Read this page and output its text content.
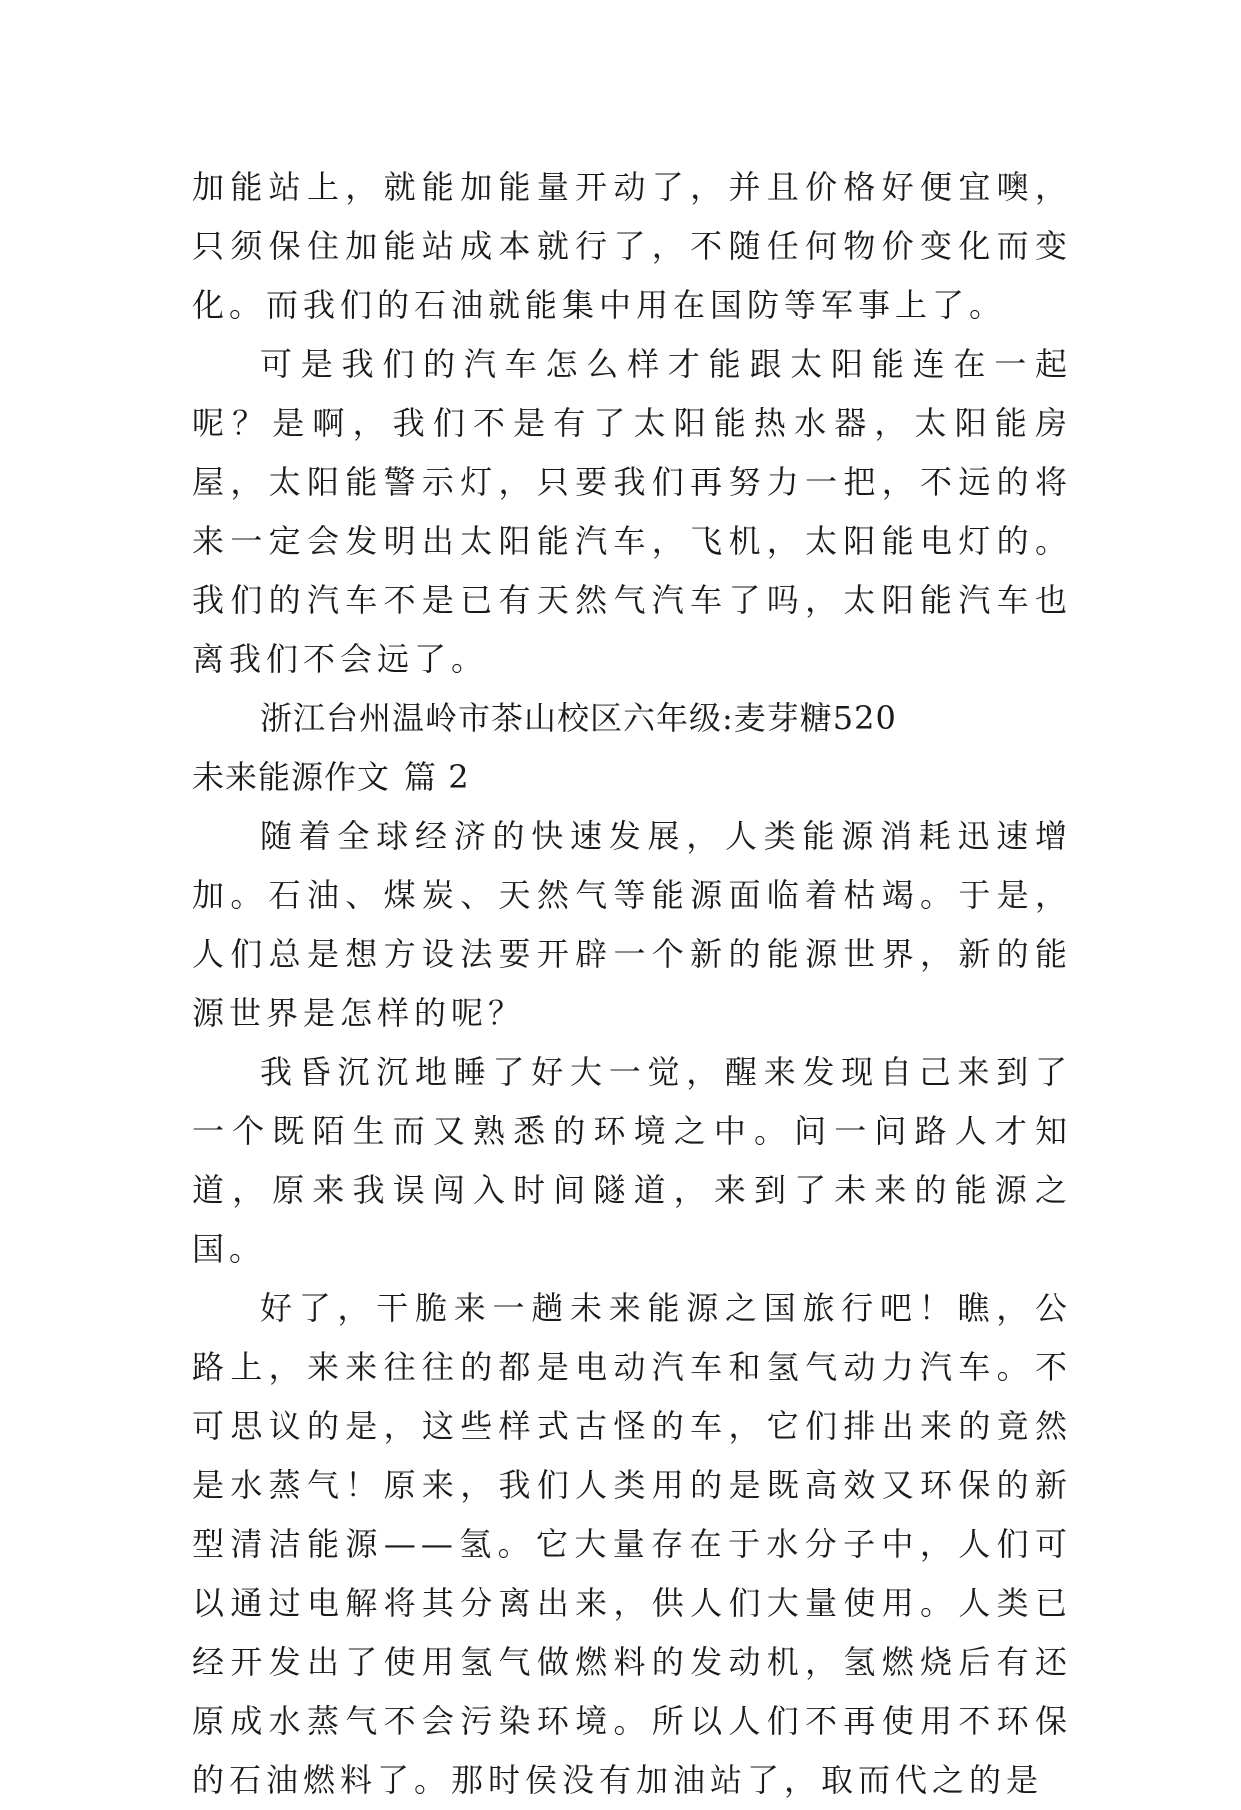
加能站上，就能加能量开动了，并且价格好便宜噢，只须保住加能站成本就行了，不随任何物价变化而变化。而我们的石油就能集中用在国防等军事上了。

可是我们的汽车怎么样才能跟太阳能连在一起呢？是啊，我们不是有了太阳能热水器，太阳能房屋，太阳能警示灯，只要我们再努力一把，不远的将来一定会发明出太阳能汽车，飞机，太阳能电灯的。我们的汽车不是已有天然气汽车了吗，太阳能汽车也离我们不会远了。

浙江台州温岭市茶山校区六年级:麦芽糖520

未来能源作文 篇 2

随着全球经济的快速发展，人类能源消耗迅速增加。石油、煤炭、天然气等能源面临着枯竭。于是，人们总是想方设法要开辟一个新的能源世界，新的能源世界是怎样的呢？

我昏沉沉地睡了好大一觉，醒来发现自己来到了一个既陌生而又熟悉的环境之中。问一问路人才知道，原来我误闯入时间隧道，来到了未来的能源之国。

好了，干脆来一趟未来能源之国旅行吧！瞧，公路上，来来往往的都是电动汽车和氢气动力汽车。不可思议的是，这些样式古怪的车，它们排出来的竟然是水蒸气！原来，我们人类用的是既高效又环保的新型清洁能源——氢。它大量存在于水分子中，人们可以通过电解将其分离出来，供人们大量使用。人类已经开发出了使用氢气做燃料的发动机，氢燃烧后有还原成水蒸气不会污染环境。所以人们不再使用不环保的石油燃料了。那时侯没有加油站了，取而代之的是
